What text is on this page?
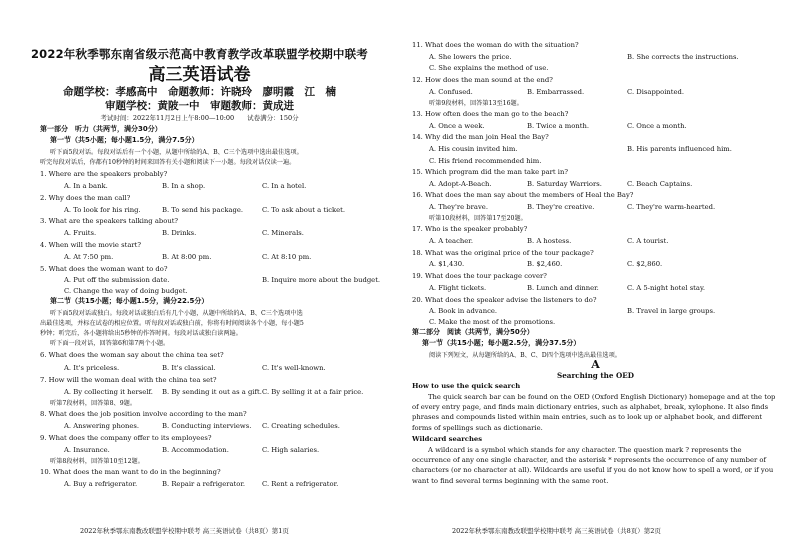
2022年秋季鄂东南省级示范高中教育教学改革联盟学校期中联考
高三英语试卷
命题学校：孝感高中　命题教师：许晓玲　廖明霞　江　楠
审题学校：黄陂一中　审题教师：黄成进
考试时间：2022年11月2日上午8:00—10:00　　试卷满分：150分
第一部分　听力（共两节，满分30分）
第一节（共5小题；每小题1.5分，满分7.5分）
听下面5段对话。每段对话后有一个小题，从题中所给的A、B、C三个选项中选出最佳选项。
听完每段对话后，你都有10秒钟的时间来回答有关小题和阅读下一小题。每段对话仅读一遍。
1. Where are the speakers probably?
A. In a bank.	B. In a shop.	C. In a hotel.
2. Why does the man call?
A. To look for his ring.	B. To send his package.	C. To ask about a ticket.
3. What are the speakers talking about?
A. Fruits.	B. Drinks.	C. Minerals.
4. When will the movie start?
A. At 7:50 pm.	B. At 8:00 pm.	C. At 8:10 pm.
5. What does the woman want to do?
A. Put off the submission date.	B. Inquire more about the budget.
C. Change the way of doing budget.
第二节（共15小题；每小题1.5分，满分22.5分）
听下面5段对话或独白。每段对话或独白后有几个小题，从题中所给的A、B、C三个选项中选
出最佳选项，并标在试卷的相应位置。听每段对话或独白前，你将有时间阅读各个小题，每小题5
秒钟；听完后，各小题将给出5秒钟的作答时间。每段对话或独白读两遍。
听下面一段对话，回答第6和第7两个小题。
6. What does the woman say about the china tea set?
A. It's priceless.	B. It's classical.	C. It's well-known.
7. How will the woman deal with the china tea set?
A. By collecting it herself. B. By sending it out as a gift. C. By selling it at a fair price.
听第7段材料，回答第8、9题。
8. What does the job position involve according to the man?
A. Answering phones.	B. Conducting interviews. C. Creating schedules.
9. What does the company offer to its employees?
A. Insurance.	B. Accommodation.	C. High salaries.
听第8段材料，回答第10至12题。
10. What does the man want to do in the beginning?
A. Buy a refrigerator.	B. Repair a refrigerator. C. Rent a refrigerator.
2022年秋季鄂东南教改联盟学校期中联考 高三英语试卷（共8页）第1页
11. What does the woman do with the situation?
A. She lowers the price.	B. She corrects the instructions.
C. She explains the method of use.
12. How does the man sound at the end?
A. Confused.	B. Embarrassed.	C. Disappointed.
听第9段材料，回答第13至16题。
13. How often does the man go to the beach?
A. Once a week.	B. Twice a month.	C. Once a month.
14. Why did the man join Heal the Bay?
A. His cousin invited him.	B. His parents influenced him.
C. His friend recommended him.
15. Which program did the man take part in?
A. Adopt-A-Beach.	B. Saturday Warriors.	C. Beach Captains.
16. What does the man say about the members of Heal the Bay?
A. They're brave.	B. They're creative.	C. They're warm-hearted.
听第10段材料，回答第17至20题。
17. Who is the speaker probably?
A. A teacher.	B. A hostess.	C. A tourist.
18. What was the original price of the tour package?
A. $1,430.	B. $2,460.	C. $2,860.
19. What does the tour package cover?
A. Flight tickets.	B. Lunch and dinner.	C. A 5-night hotel stay.
20. What does the speaker advise the listeners to do?
A. Book in advance.	B. Travel in large groups.
C. Make the most of the promotions.
第二部分　阅读（共两节，满分50分）
第一节（共15小题；每小题2.5分，满分37.5分）
阅读下列短文，从每题所给的A、B、C、D四个选项中选出最佳选项。
A
Searching the OED
How to use the quick search
The quick search bar can be found on the OED (Oxford English Dictionary) homepage and at the top of every entry page, and finds main dictionary entries, such as alphabet, break, xylophone. It also finds phrases and compounds listed within main entries, such as to look up or alphabet book, and different forms of spellings such as dictionarie.
Wildcard searches
A wildcard is a symbol which stands for any character. The question mark ? represents the occurrence of any one single character, and the asterisk * represents the occurrence of any number of characters (or no character at all). Wildcards are useful if you do not know how to spell a word, or if you want to find several terms beginning with the same root.
2022年秋季鄂东南教改联盟学校期中联考 高三英语试卷（共8页）第2页
